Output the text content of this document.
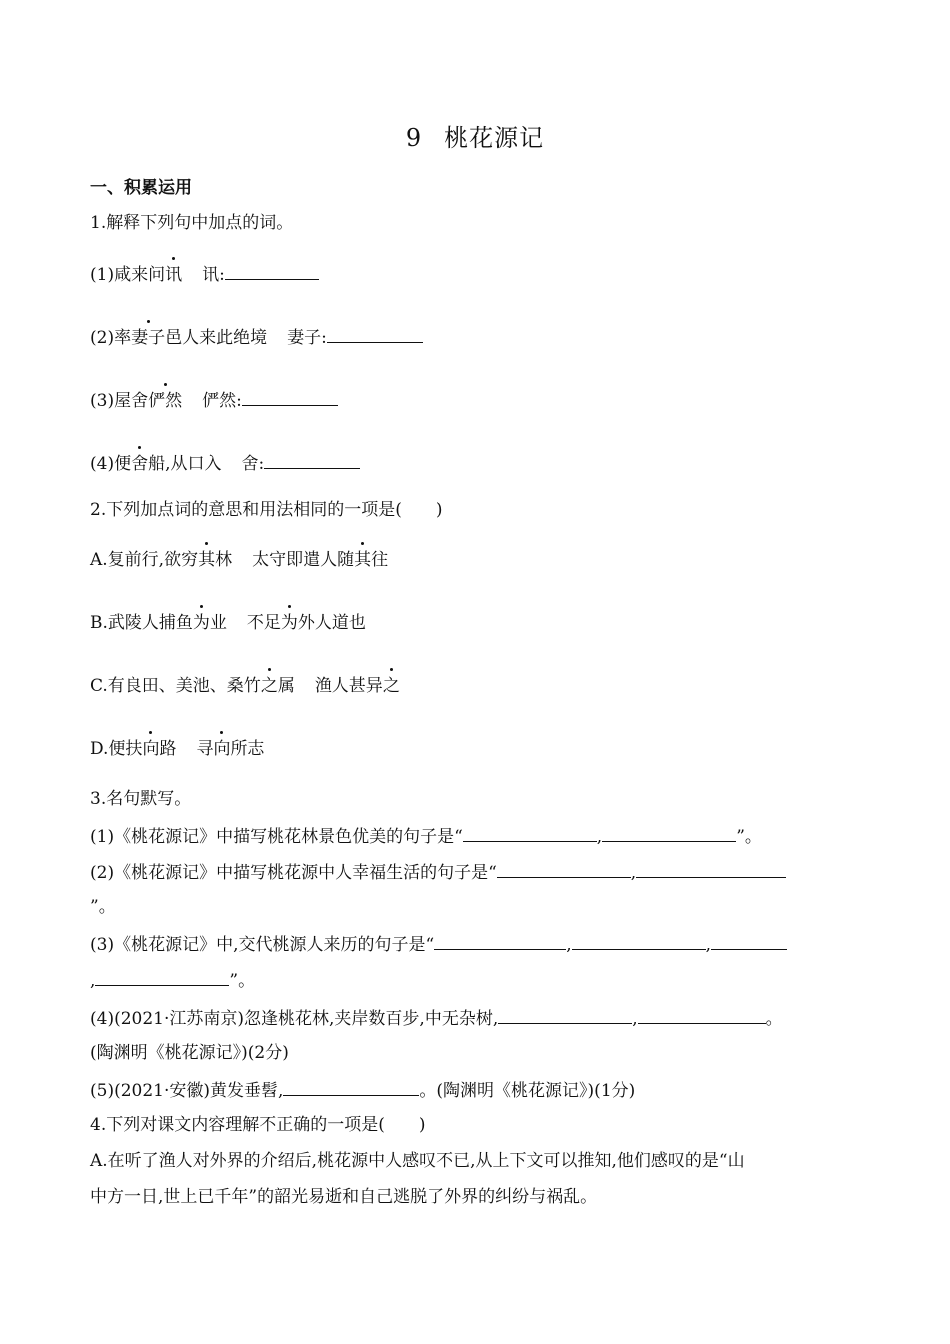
9 桃花源记
一、积累运用
1.解释下列句中加点的词。
(1)咸来问讯 讯:
(2)率妻子邑人来此绝境 妻子:
(3)屋舍俨然 俨然:
(4)便舍船,从口入 舍:
2.下列加点词的意思和用法相同的一项是(　　)
A.复前行,欲穷其林 太守即遣人随其往
B.武陵人捕鱼为业 不足为外人道也
C.有良田、美池、桑竹之属 渔人甚异之
D.便扶向路 寻向所志
3.名句默写。
(1)《桃花源记》中描写桃花林景色优美的句子是“	,	”。
(2)《桃花源记》中描写桃花源中人幸福生活的句子是“	,
”。
(3)《桃花源记》中,交代桃源人来历的句子是“	,	,
,	”。
(4)(2021·江苏南京)忽逢桃花林,夹岸数百步,中无杂树,	,	。
(陶渊明《桃花源记》)(2分)
(5)(2021·安徽)黄发垂髫,	。(陶渊明《桃花源记》)(1分)
4.下列对课文内容理解不正确的一项是(　　)
A.在听了渔人对外界的介绍后,桃花源中人感叹不已,从上下文可以推知,他们感叹的是“山
中方一日,世上已千年”的韶光易逝和自己逃脱了外界的纠纷与祸乱。
